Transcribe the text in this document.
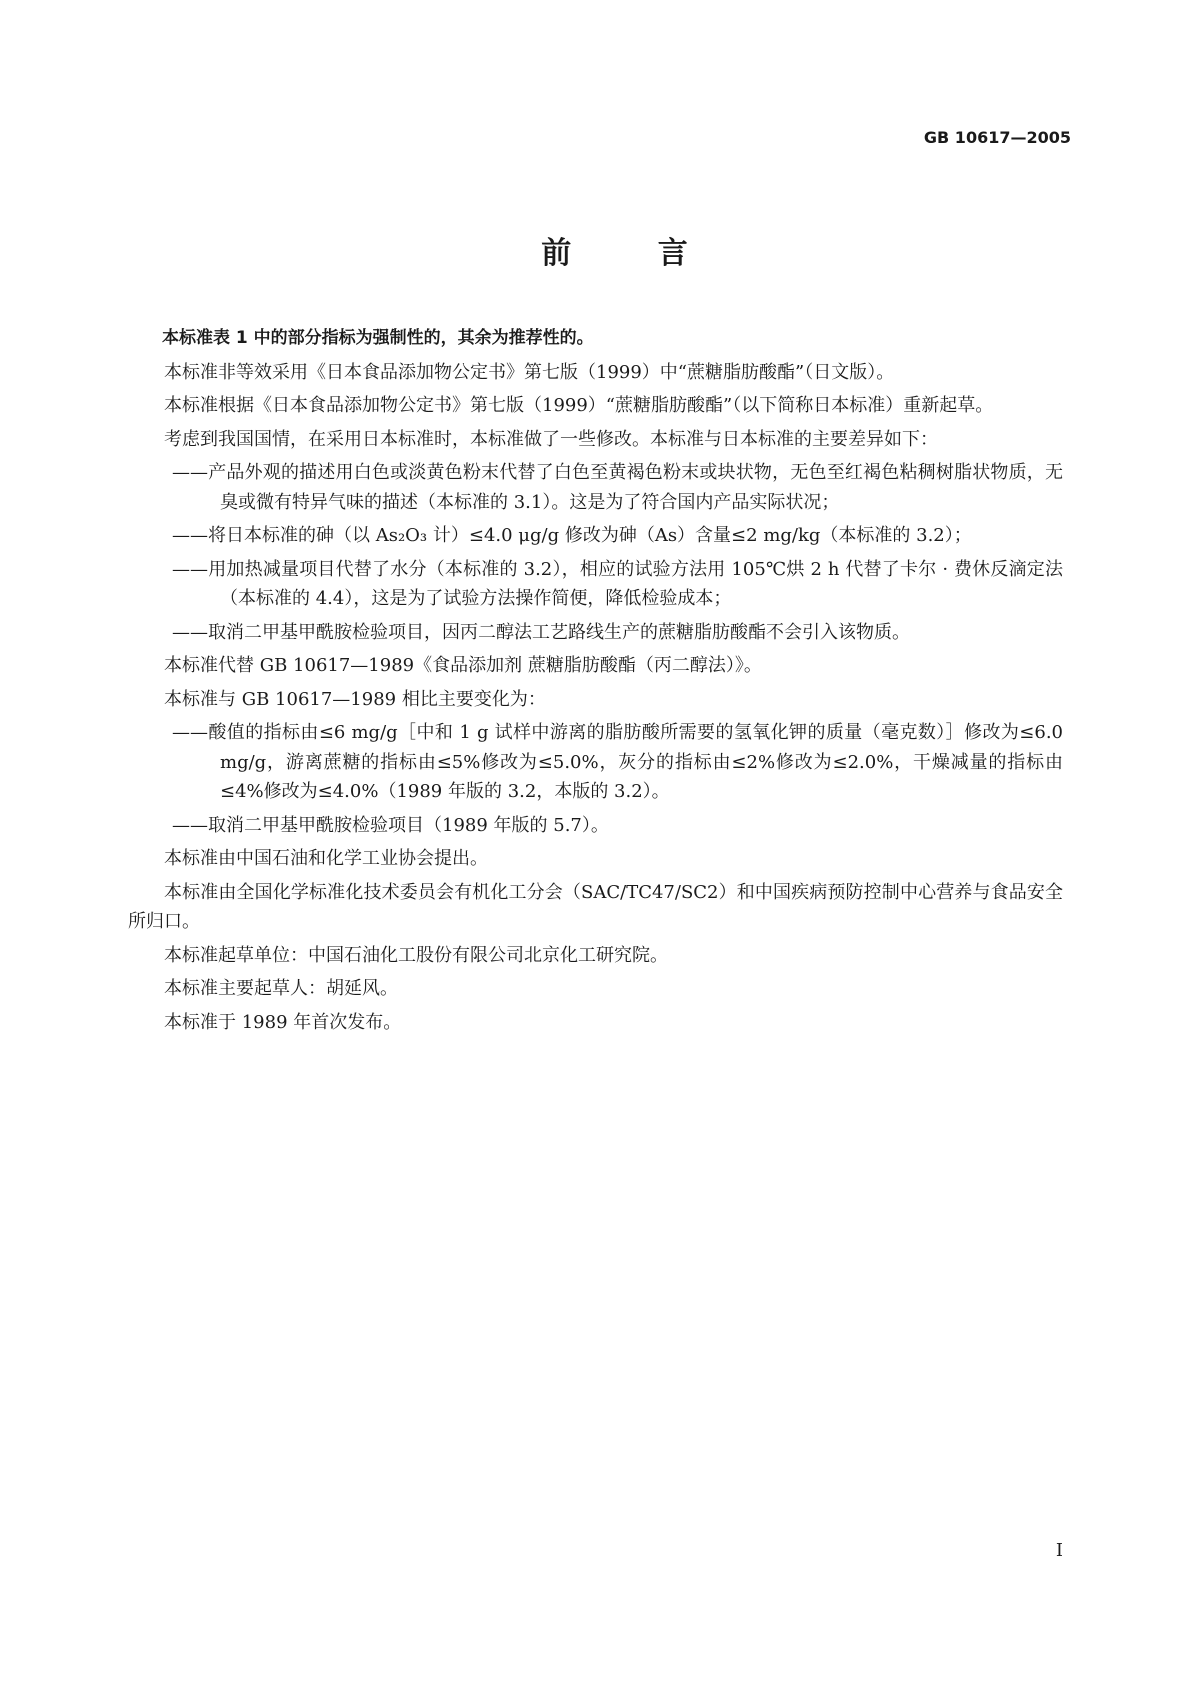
GB 10617—2005
前 言

本标准表 1 中的部分指标为强制性的，其余为推荐性的。

本标准非等效采用《日本食品添加物公定书》第七版（1999）中“蔗糖脂肪酸酯”（日文版）。

本标准根据《日本食品添加物公定书》第七版（1999）“蔗糖脂肪酸酯”（以下简称日本标准）重新起草。

考虑到我国国情，在采用日本标准时，本标准做了一些修改。本标准与日本标准的主要差异如下：

——产品外观的描述用白色或淡黄色粉末代替了白色至黄褐色粉末或块状物，无色至红褐色粘稠树脂状物质，无臭或微有特异气味的描述（本标准的 3.1）。这是为了符合国内产品实际状况；

——将日本标准的砷（以 As₂O₃ 计）≤4.0 μg/g 修改为砷（As）含量≤2 mg/kg（本标准的 3.2）；

——用加热减量项目代替了水分（本标准的 3.2），相应的试验方法用 105℃烘 2 h 代替了卡尔 · 费休反滴定法（本标准的 4.4），这是为了试验方法操作简便，降低检验成本；

——取消二甲基甲酰胺检验项目，因丙二醇法工艺路线生产的蔗糖脂肪酸酯不会引入该物质。

本标准代替 GB 10617—1989《食品添加剂 蔗糖脂肪酸酯（丙二醇法）》。

本标准与 GB 10617—1989 相比主要变化为：

——酸值的指标由≤6 mg/g［中和 1 g 试样中游离的脂肪酸所需要的氢氧化钾的质量（毫克数）］修改为≤6.0 mg/g，游离蔗糖的指标由≤5%修改为≤5.0%，灰分的指标由≤2%修改为≤2.0%，干燥减量的指标由≤4%修改为≤4.0%（1989 年版的 3.2，本版的 3.2）。

——取消二甲基甲酰胺检验项目（1989 年版的 5.7）。

本标准由中国石油和化学工业协会提出。

本标准由全国化学标准化技术委员会有机化工分会（SAC/TC47/SC2）和中国疾病预防控制中心营养与食品安全所归口。

本标准起草单位：中国石油化工股份有限公司北京化工研究院。

本标准主要起草人：胡延风。

本标准于 1989 年首次发布。

I
